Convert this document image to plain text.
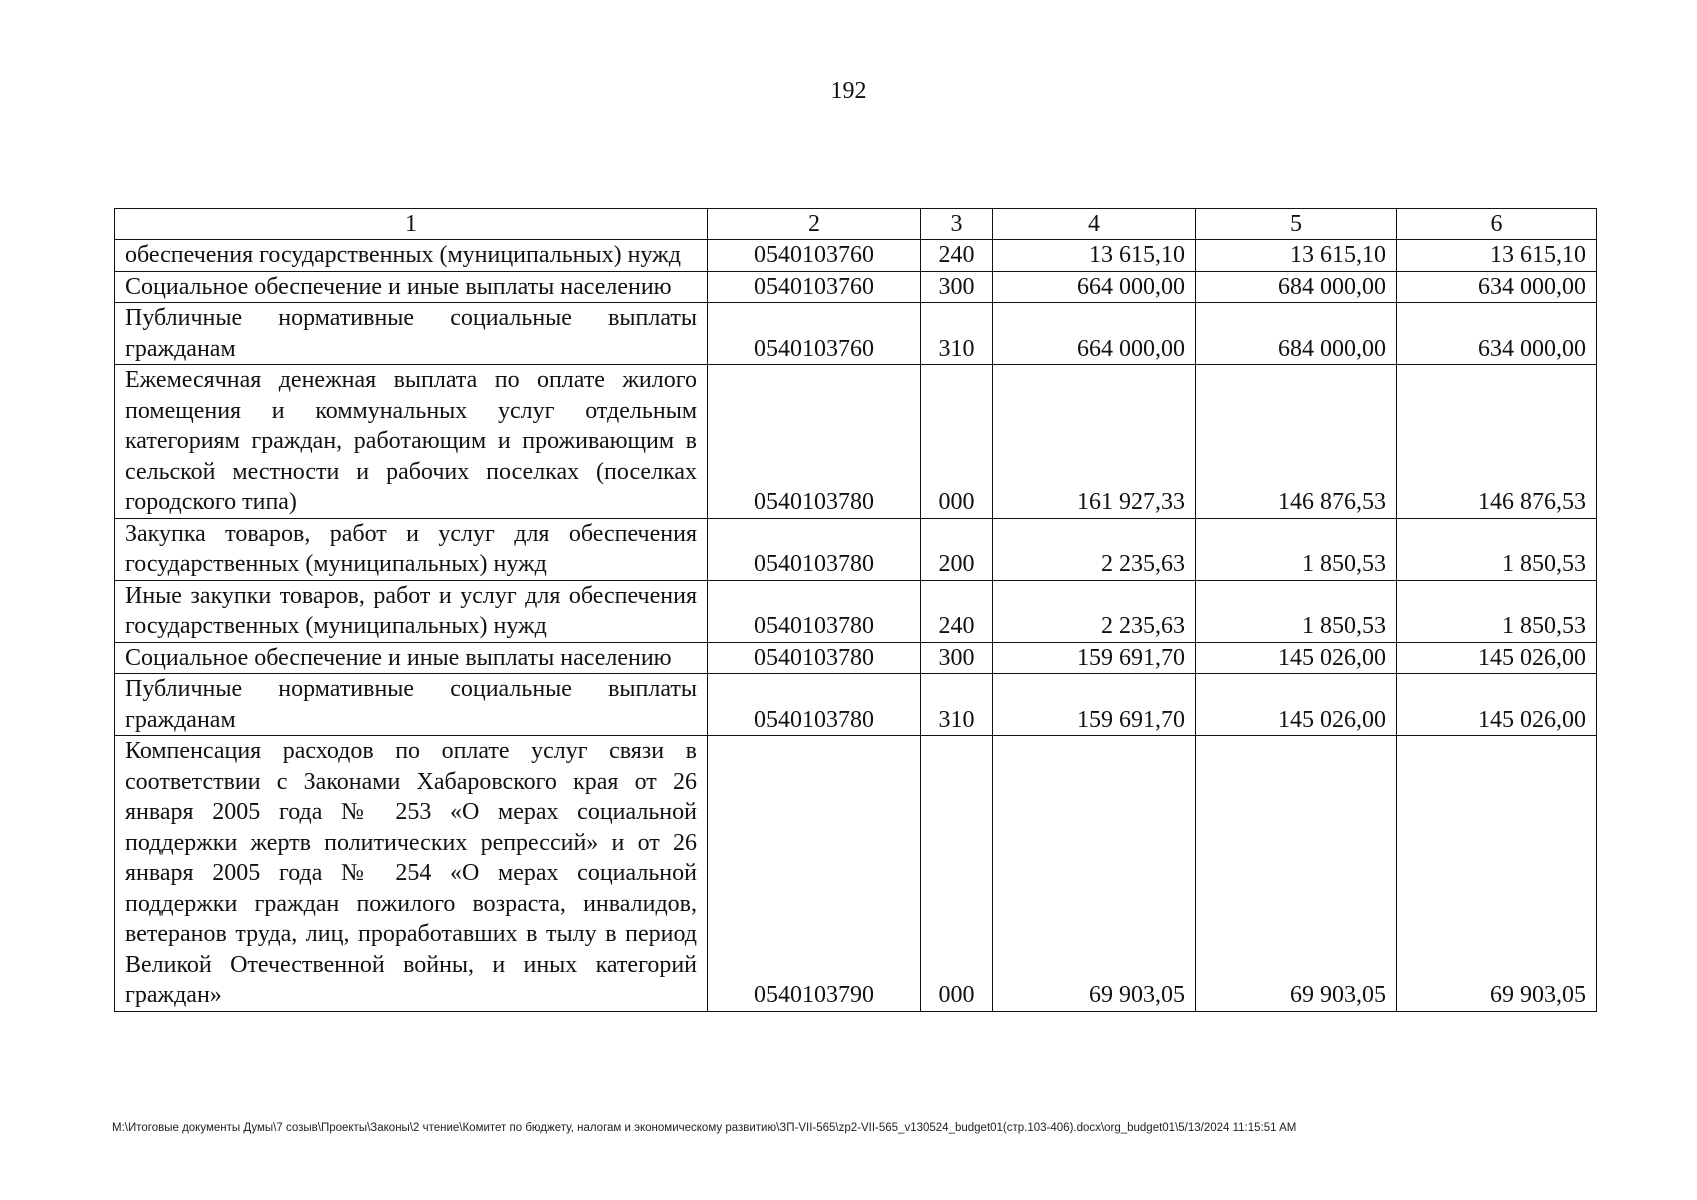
192
1	2	3	4	5	6
обеспечения государственных (муниципальных) нужд	0540103760	240	13 615,10	13 615,10	13 615,10
Социальное обеспечение и иные выплаты населению	0540103760	300	664 000,00	684 000,00	634 000,00
Публичные нормативные социальные выплаты гражданам	0540103760	310	664 000,00	684 000,00	634 000,00
Ежемесячная денежная выплата по оплате жилого помещения и коммунальных услуг отдельным категориям граждан, работающим и проживающим в сельской местности и рабочих поселках (поселках городского типа)	0540103780	000	161 927,33	146 876,53	146 876,53
Закупка товаров, работ и услуг для обеспечения государственных (муниципальных) нужд	0540103780	200	2 235,63	1 850,53	1 850,53
Иные закупки товаров, работ и услуг для обеспечения государственных (муниципальных) нужд	0540103780	240	2 235,63	1 850,53	1 850,53
Социальное обеспечение и иные выплаты населению	0540103780	300	159 691,70	145 026,00	145 026,00
Публичные нормативные социальные выплаты гражданам	0540103780	310	159 691,70	145 026,00	145 026,00
Компенсация расходов по оплате услуг связи в соответствии с Законами Хабаровского края от 26 января 2005 года № 253 «О мерах социальной поддержки жертв политических репрессий» и от 26 января 2005 года № 254 «О мерах социальной поддержки граждан пожилого возраста, инвалидов, ветеранов труда, лиц, проработавших в тылу в период Великой Отечественной войны, и иных категорий граждан»	0540103790	000	69 903,05	69 903,05	69 903,05
M:\Итоговые документы Думы\7 созыв\Проекты\Законы\2 чтение\Комитет по бюджету, налогам и экономическому развитию\ЗП-VII-565\zp2-VII-565_v130524_budget01(стр.103-406).docx\org_budget01\5/13/2024 11:15:51 AM
